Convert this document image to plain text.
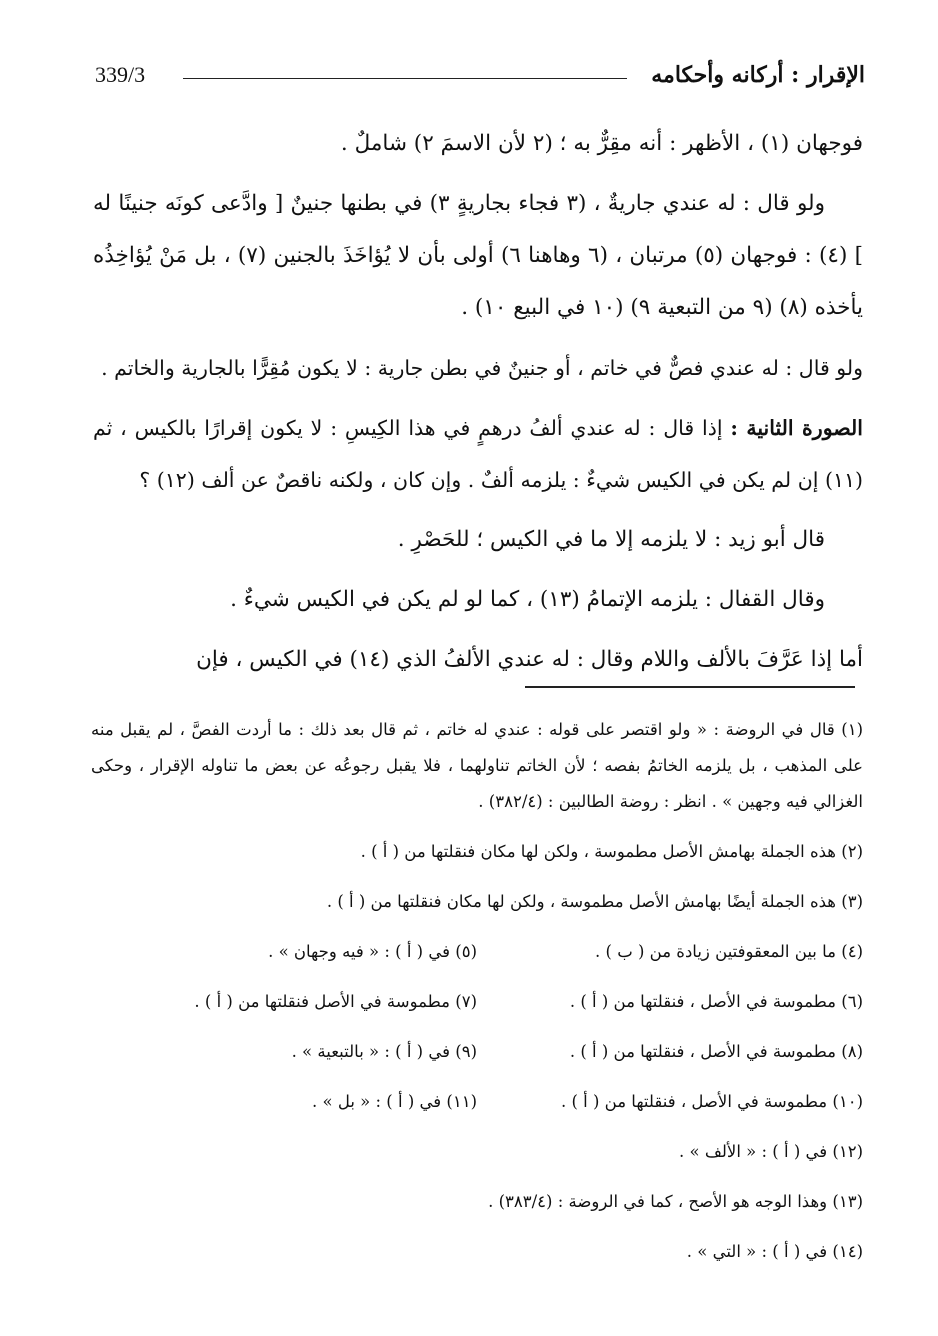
الإقرار : أركانه وأحكامه
339/3

فوجهان (١) ، الأظهر : أنه مقِرٌّ به ؛ (٢ لأن الاسمَ ٢) شاملٌ .

ولو قال : له عندي جاريةٌ ، (٣ فجاء بجاريةٍ ٣) في بطنها جنينٌ [ وادَّعى كونَه جنينًا له ] (٤) : فوجهان (٥) مرتبان ، (٦ وهاهنا ٦) أولى بأن لا يُؤاخَذَ بالجنين (٧) ، بل مَنْ يُؤاخِذُه يأخذه (٨) (٩ من التبعية ٩) (١٠ في البيع ١٠) .

ولو قال : له عندي فصٌّ في خاتم ، أو جنينٌ في بطن جارية : لا يكون مُقِرًّا بالجارية والخاتم .

الصورة الثانية : إذا قال : له عندي ألفُ درهمٍ في هذا الكِيسِ : لا يكون إقرارًا بالكيس ، ثم (١١) إن لم يكن في الكيس شيءٌ : يلزمه ألفٌ . وإن كان ، ولكنه ناقصٌ عن ألف (١٢) ؟

قال أبو زيد : لا يلزمه إلا ما في الكيس ؛ للحَصْرِ .

وقال القفال : يلزمه الإتمامُ (١٣) ، كما لو لم يكن في الكيس شيءٌ .

أما إذا عَرَّفَ بالألف واللام وقال : له عندي الألفُ الذي (١٤) في الكيس ، فإن

(١) قال في الروضة : « ولو اقتصر على قوله : عندي له خاتم ، ثم قال بعد ذلك : ما أردت الفصَّ ، لم يقبل منه على المذهب ، بل يلزمه الخاتمُ بفصه ؛ لأن الخاتم تناولهما ، فلا يقبل رجوعُه عن بعض ما تناوله الإقرار ، وحكى الغزالي فيه وجهين » . انظر : روضة الطالبين : (٣٨٢/٤) .
(٢) هذه الجملة بهامش الأصل مطموسة ، ولكن لها مكان فنقلتها من ( أ ) .
(٣) هذه الجملة أيضًا بهامش الأصل مطموسة ، ولكن لها مكان فنقلتها من ( أ ) .
(٤) ما بين المعقوفتين زيادة من ( ب ) .
(٥) في ( أ ) : « فيه وجهان » .
(٦) مطموسة في الأصل ، فنقلتها من ( أ ) .
(٧) مطموسة في الأصل فنقلتها من ( أ ) .
(٨) مطموسة في الأصل ، فنقلتها من ( أ ) .
(٩) في ( أ ) : « بالتبعية » .
(١٠) مطموسة في الأصل ، فنقلتها من ( أ ) .
(١١) في ( أ ) : « بل » .
(١٢) في ( أ ) : « الألف » .
(١٣) وهذا الوجه هو الأصح ، كما في الروضة : (٣٨٣/٤) .
(١٤) في ( أ ) : « التي » .
